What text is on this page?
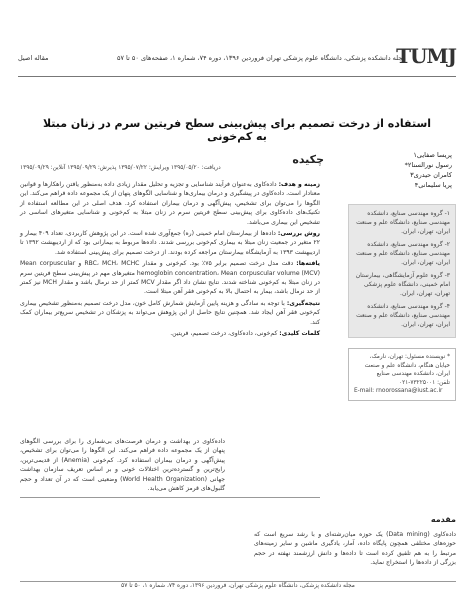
TUMJ
مجله دانشکده پزشکی، دانشگاه علوم پزشکی تهران فروردین ۱۳۹۶، دوره ۷۴، شماره ۱، صفحه‌های ۵۰ تا ۵۷
مقاله اصیل
استفاده از درخت تصمیم برای پیش‌بینی سطح فریتین سرم در زنان مبتلا به کم‌خونی
پریسا صفایی۱
رسول نورالسنا۲*
کامران حیدری۳
پریا سلیمانی۴

۱- گروه مهندسی صنایع، دانشکده مهندسی صنایع، دانشگاه علم و صنعت ایران، تهران، ایران.

۲- گروه مهندسی صنایع، دانشکده مهندسی صنایع، دانشگاه علم و صنعت ایران، تهران، ایران.

۳- گروه علوم آزمایشگاهی، بیمارستان امام خمینی، دانشگاه علوم پزشکی تهران، تهران، ایران.

۴- گروه مهندسی صنایع، دانشکده مهندسی صنایع، دانشگاه علم و صنعت ایران، تهران، ایران.

* نویسنده مسئول: تهران، نارمک، خیابان هنگام، دانشگاه علم و صنعت ایران، دانشکده مهندسی صنایع
تلفن: ۷۳۲۲۵۰۰۱-۰۲۱
E-mail: rnoorossana@iust.ac.ir
چکیده
دریافت: ۱۳۹۵/۰۵/۲۰ ویرایش: ۱۳۹۵/۰۷/۲۲ پذیرش: ۱۳۹۵/۰۹/۲۹ آنلاین: ۱۳۹۵/۰۹/۲۹

زمینه و هدف: داده‌کاوی به‌عنوان فرآیند شناسایی و تجزیه و تحلیل مقدار زیادی داده به‌منظور یافتن راهکارها و قوانین معنادار است. داده‌کاوی در پیشگیری و درمان بیماری‌ها و شناسایی الگوهای پنهان از یک مجموعه داده فراهم می‌کند. این الگوها را می‌توان برای تشخیص، پیش‌آگهی و درمان بیماران استفاده کرد. هدف اصلی در این مطالعه استفاده از تکنیک‌های داده‌کاوی برای پیش‌بینی سطح فریتین سرم در زنان مبتلا به کم‌خونی و شناسایی متغیرهای اساسی در تشخیص این بیماری می‌باشد.

روش بررسی: داده‌ها از بیمارستان امام خمینی (ره) جمع‌آوری شده است. در این پژوهش کاربردی، تعداد ۴۰۹ بیمار و ۲۲ متغیر در جمعیت زنان مبتلا به بیماری کم‌خونی بررسی شدند. داده‌ها مربوط به بیمارانی بود که از اردیبهشت ۱۳۹۲ تا اردیبهشت ۱۳۹۳ به آزمایشگاه بیمارستان مراجعه کرده بودند. از درخت تصمیم برای پیش‌بینی استفاده شد.

یافته‌ها: دقت مدل درخت تصمیم برابر ۷۵٪ بود. کم‌خونی و مقدار RBC، MCH، MCHC و Mean corpuscular hemoglobin concentration، Mean corpuscular volume (MCV) متغیرهای مهم در پیش‌بینی سطح فریتین سرم در زنان مبتلا به کم‌خونی شناخته شدند. نتایج نشان داد اگر مقدار MCV کمتر از حد نرمال باشد و مقدار MCH نیز کمتر از حد نرمال باشد، بیمار به احتمال بالا به کم‌خونی فقر آهن مبتلا است.

نتیجه‌گیری: با توجه به سادگی و هزینه پایین آزمایش شمارش کامل خون، مدل درخت تصمیم به‌منظور تشخیص بیماری کم‌خونی فقر آهن ایجاد شد. همچنین نتایج حاصل از این پژوهش می‌تواند به پزشکان در تشخیص سریع‌تر بیماران کمک کند.

کلمات کلیدی: کم‌خونی، داده‌کاوی، درخت تصمیم، فریتین.

داده‌کاوی در بهداشت و درمان فرصت‌های بی‌شماری را برای بررسی الگوهای پنهان از یک مجموعه داده فراهم می‌کند. این الگوها را می‌توان برای تشخیص، پیش‌آگهی و درمان بیماران استفاده کرد. کم‌خونی (Anemia) از قدیمی‌ترین، رایج‌ترین و گسترده‌ترین اختلالات خونی و بر اساس تعریف سازمان بهداشت جهانی (World Health Organization) وضعیتی است که در آن تعداد و حجم گلبول‌های قرمز کاهش می‌یابد.
مقدمه
داده‌کاوی (Data mining) یک حوزه میان‌رشته‌ای و با رشد سریع است که حوزه‌های مختلفی همچون پایگاه داده، آمار، یادگیری ماشین و سایر زمینه‌های مرتبط را به هم تلفیق کرده است تا داده‌ها و دانش ارزشمند نهفته در حجم بزرگی از داده‌ها را استخراج نماید.
مجله دانشکده پزشکی، دانشگاه علوم پزشکی تهران، فروردین ۱۳۹۶، دوره ۷۴، شماره ۱، ۵۰ تا ۵۷
